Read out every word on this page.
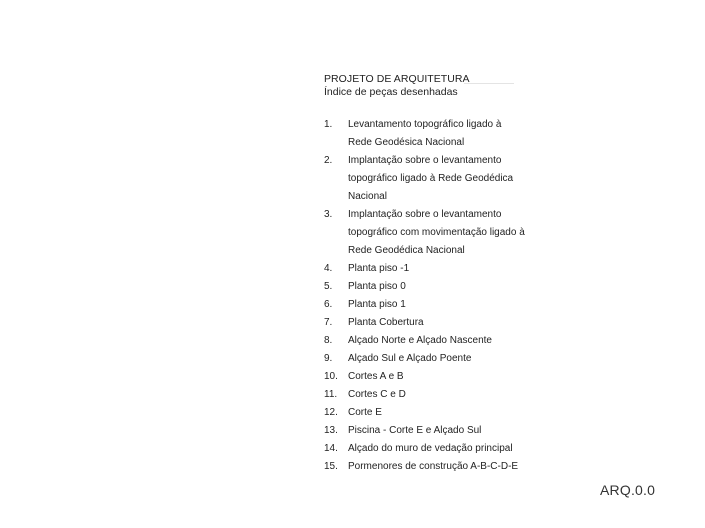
PROJETO DE ARQUITETURA
Índice de peças desenhadas
1.	Levantamento topográfico ligado à
Rede Geodésica Nacional
2.	Implantação sobre o levantamento
topográfico ligado à Rede Geodédica
Nacional
3.	Implantação sobre o levantamento
topográfico com movimentação ligado à
Rede Geodédica Nacional
4.	Planta piso -1
5.	Planta piso 0
6.	Planta piso 1
7.	Planta Cobertura
8.	Alçado Norte e Alçado Nascente
9.	Alçado Sul e Alçado Poente
10.	Cortes A e B
11.	Cortes C e D
12.	Corte E
13.	Piscina - Corte E e Alçado Sul
14.	Alçado do muro de vedação principal
15.	Pormenores de construção A-B-C-D-E
ARQ.0.0
